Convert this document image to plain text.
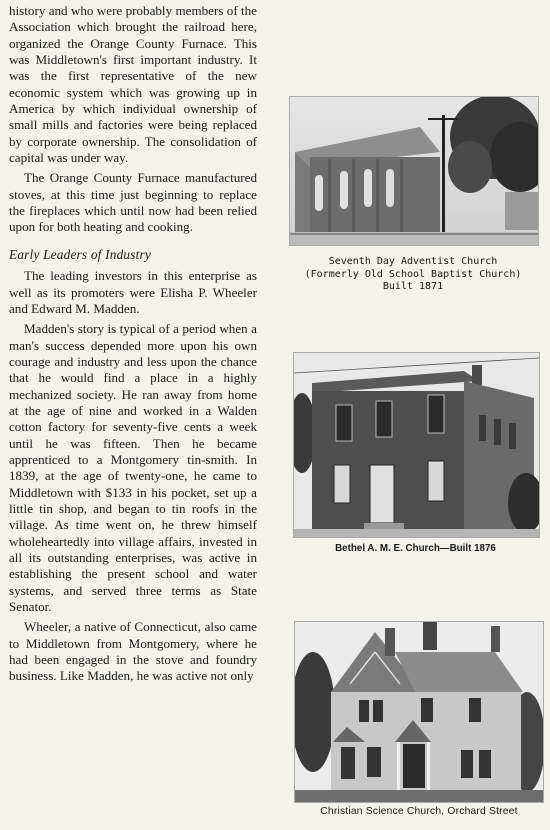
history and who were probably members of the Association which brought the railroad here, organized the Orange County Furnace. This was Middletown's first important industry. It was the first representative of the new economic system which was growing up in America by which individual ownership of small mills and factories were being replaced by corporate ownership. The consolidation of capital was under way.

The Orange County Furnace manufactured stoves, at this time just beginning to replace the fireplaces which until now had been relied upon for both heating and cooking.

Early Leaders of Industry

The leading investors in this enterprise as well as its promoters were Elisha P. Wheeler and Edward M. Madden.

Madden's story is typical of a period when a man's success depended more upon his own courage and industry and less upon the chance that he would find a place in a highly mechanized society. He ran away from home at the age of nine and worked in a Walden cotton factory for seventy-five cents a week until he was fifteen. Then he became apprenticed to a Montgomery tin-smith. In 1839, at the age of twenty-one, he came to Middletown with $133 in his pocket, set up a little tin shop, and began to tin roofs in the village. As time went on, he threw himself wholeheartedly into village affairs, invested in all its outstanding enterprises, was active in establishing the present school and water systems, and served three terms as State Senator.

Wheeler, a native of Connecticut, also came to Middletown from Montgomery, where he had been engaged in the stove and foundry business. Like Madden, he was active not only

Seventh Day Adventist Church
(Formerly Old School Baptist Church)
Built 1871
Bethel A. M. E. Church—Built 1876
Christian Science Church, Orchard Street
